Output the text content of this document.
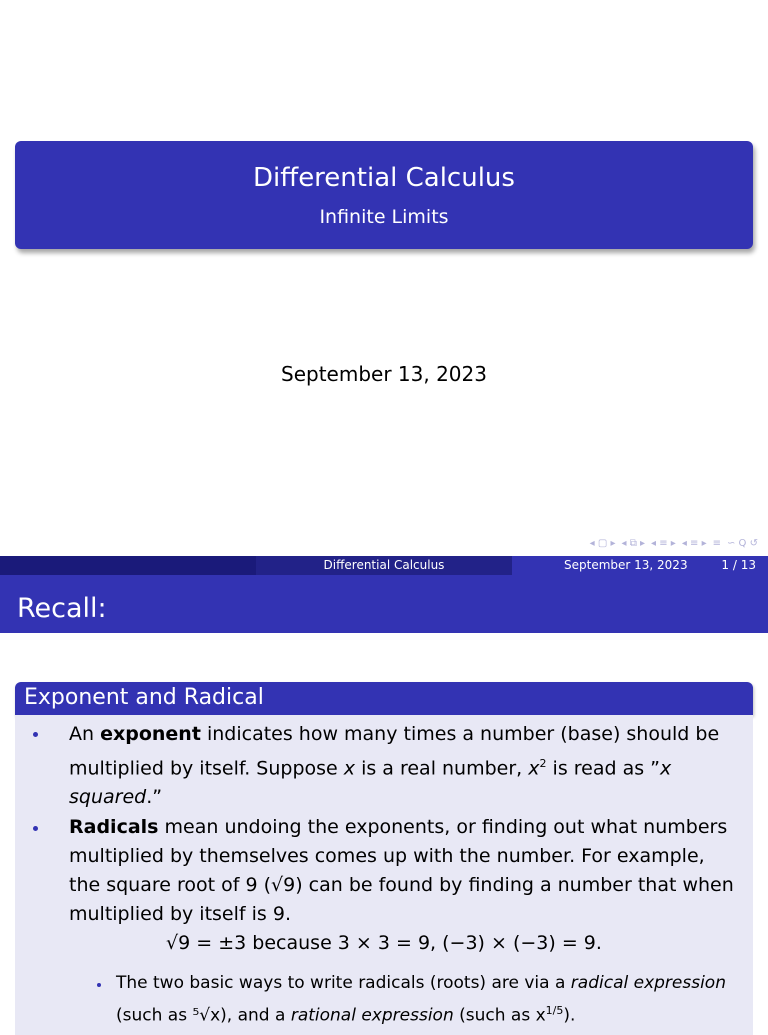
Differential Calculus
Infinite Limits
September 13, 2023
◂ ▢ ▸ ◂ ⧉ ▸ ◂ ≡ ▸ ◂ ≡ ▸ ≡ ∽ Q ↺
Differential Calculus	September 13, 2023	1 / 13
Recall:
Exponent and Radical
An exponent indicates how many times a number (base) should be multiplied by itself. Suppose x is a real number, $x^2$ is read as ”x squared.”
Radicals mean undoing the exponents, or finding out what numbers multiplied by themselves comes up with the number. For example, the square root of 9 (√9) can be found by finding a number that when multiplied by itself is 9.
√9 = ±3 because 3 × 3 = 9, (−3) × (−3) = 9.
The two basic ways to write radicals (roots) are via a radical expression (such as ⁵√x), and a rational expression (such as $x^{1/5}$).
